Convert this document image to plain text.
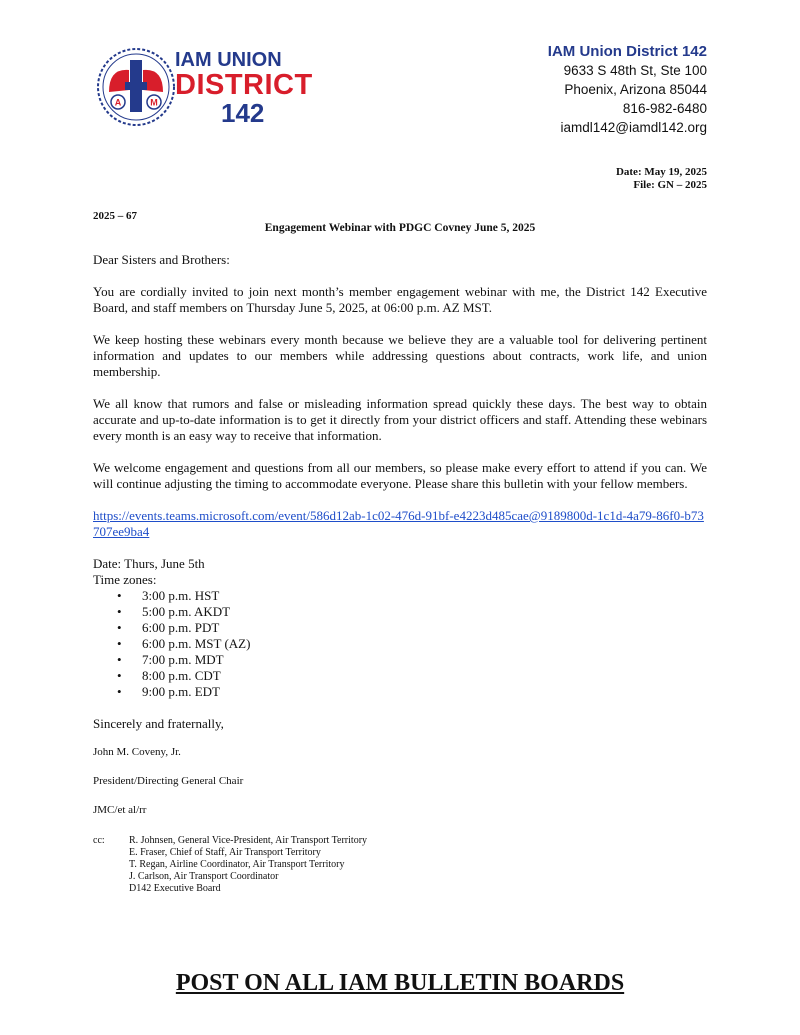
A	M
IAM UNION
DISTRICT
142
IAM Union District 142
9633 S 48th St, Ste 100
Phoenix, Arizona 85044
816-982-6480
iamdl142@iamdl142.org
Date: May 19, 2025
File: GN – 2025
2025 – 67
Engagement Webinar with PDGC Covney June 5, 2025

Dear Sisters and Brothers:

You are cordially invited to join next month’s member engagement webinar with me, the District 142 Executive Board, and staff members on Thursday June 5, 2025, at 06:00 p.m. AZ MST.

We keep hosting these webinars every month because we believe they are a valuable tool for delivering pertinent information and updates to our members while addressing questions about contracts, work life, and union membership.

We all know that rumors and false or misleading information spread quickly these days. The best way to obtain accurate and up-to-date information is to get it directly from your district officers and staff. Attending these webinars every month is an easy way to receive that information.

We welcome engagement and questions from all our members, so please make every effort to attend if you can. We will continue adjusting the timing to accommodate everyone. Please share this bulletin with your fellow members.

https://events.teams.microsoft.com/event/586d12ab-1c02-476d-91bf-e4223d485cae@9189800d-1c1d-4a79-86f0-b73707ee9ba4

Date: Thurs, June 5th
Time zones:
• 3:00 p.m. HST
• 5:00 p.m. AKDT
• 6:00 p.m. PDT
• 6:00 p.m. MST (AZ)
• 7:00 p.m. MDT
• 8:00 p.m. CDT
• 9:00 p.m. EDT

Sincerely and fraternally,

John M. Coveny, Jr.

President/Directing General Chair

JMC/et al/rr

cc:	R. Johnsen, General Vice-President, Air Transport Territory
E. Fraser, Chief of Staff, Air Transport Territory
T. Regan, Airline Coordinator, Air Transport Territory
J. Carlson, Air Transport Coordinator
D142 Executive Board
POST ON ALL IAM BULLETIN BOARDS
